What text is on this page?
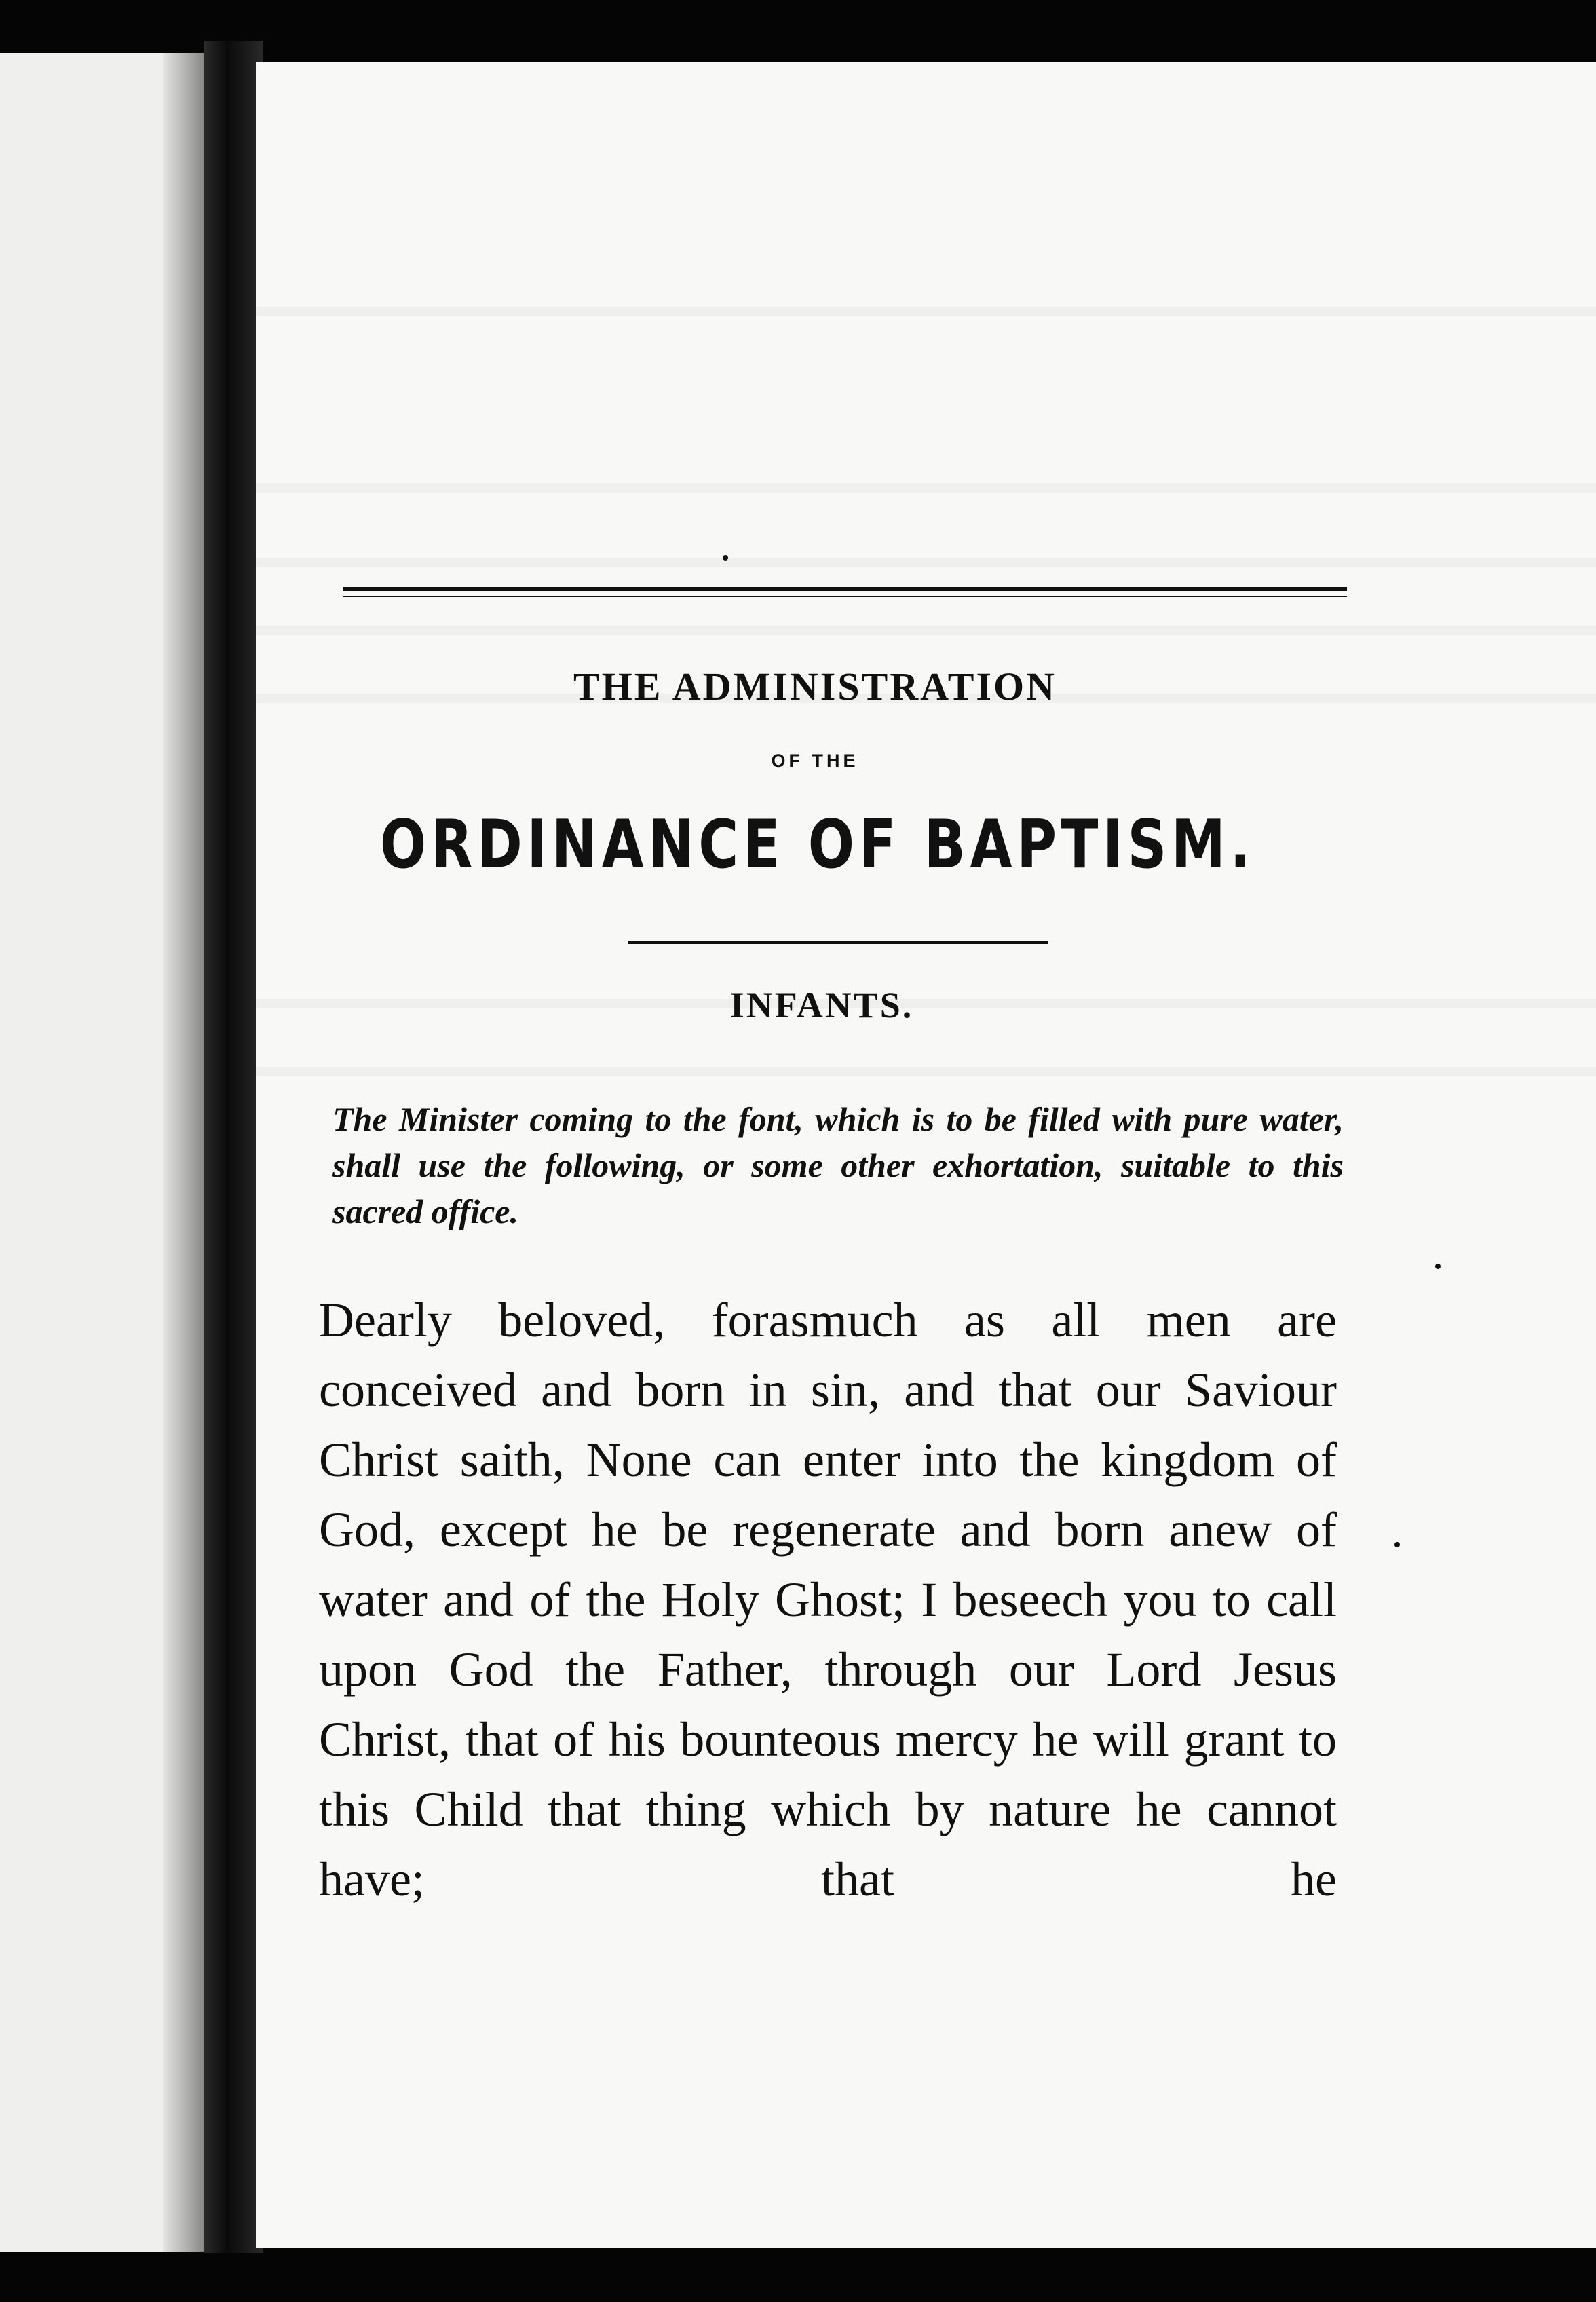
THE ADMINISTRATION
OF THE
ORDINANCE OF BAPTISM.
INFANTS.

The Minister coming to the font, which is to be filled with pure water, shall use the following, or some other exhortation, suitable to this sacred office.

Dearly beloved, forasmuch as all men are conceived and born in sin, and that our Saviour Christ saith, None can enter into the kingdom of God, except he be regenerate and born anew of water and of the Holy Ghost; I beseech you to call upon God the Father, through our Lord Jesus Christ, that of his bounteous mercy he will grant to this Child that thing which by nature he cannot have; that he
